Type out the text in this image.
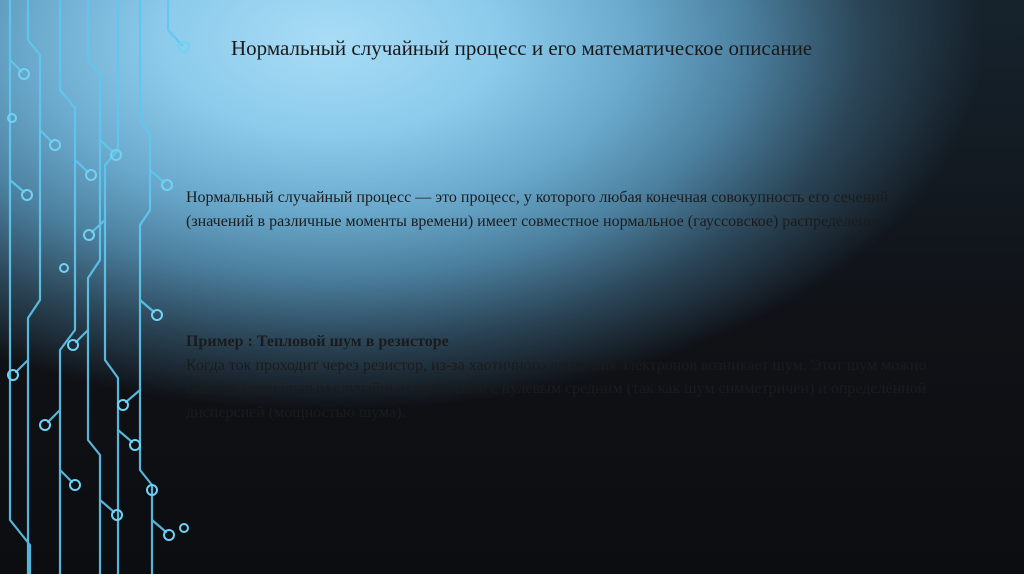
Нормальный случайный процесс и его математическое описание

Нормальный случайный процесс — это процесс, у которого любая конечная совокупность его сечений (значений в различные моменты времени) имеет совместное нормальное (гауссовское) распределение.

Пример : Тепловой шум в резисторе
Когда ток проходит через резистор, из-за хаотичного движения электронов возникает шум. Этот шум можно описать нормальным случайным процессом с нулевым средним (так как шум симметричен) и определённой дисперсией (мощностью шума).
